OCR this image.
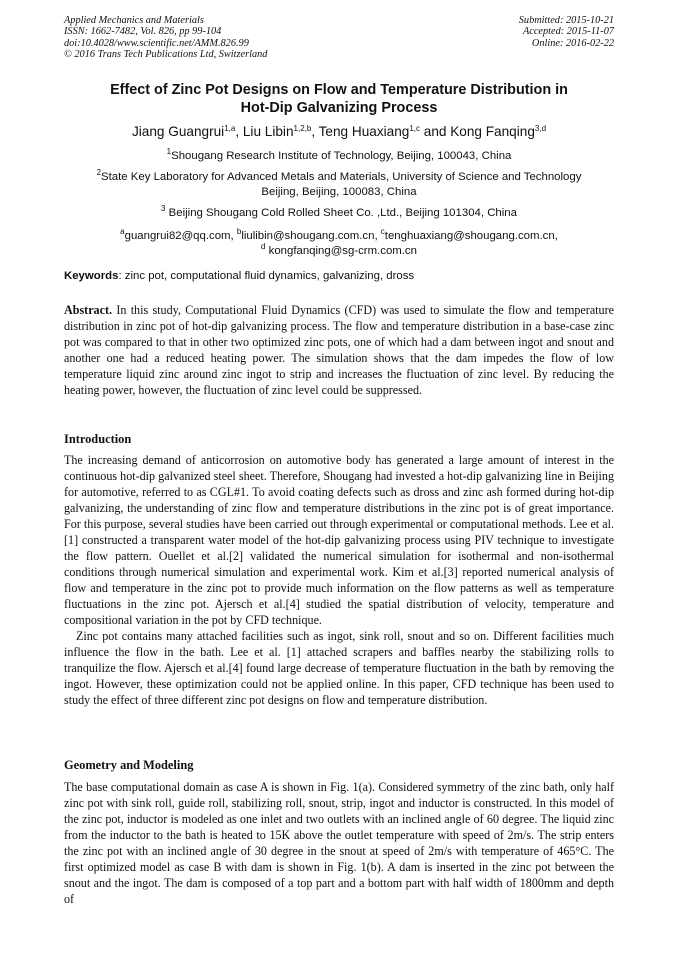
Applied Mechanics and Materials
ISSN: 1662-7482, Vol. 826, pp 99-104
doi:10.4028/www.scientific.net/AMM.826.99
© 2016 Trans Tech Publications Ltd, Switzerland
Submitted: 2015-10-21
Accepted: 2015-11-07
Online: 2016-02-22
Effect of Zinc Pot Designs on Flow and Temperature Distribution in
Hot-Dip Galvanizing Process
Jiang Guangrui$^{1,a}$, Liu Libin$^{1,2,b}$, Teng Huaxiang$^{1,c}$ and Kong Fanqing$^{3,d}$
$^1$Shougang Research Institute of Technology, Beijing, 100043, China
$^2$State Key Laboratory for Advanced Metals and Materials, University of Science and Technology
Beijing, Beijing, 100083, China
$^3$ Beijing Shougang Cold Rolled Sheet Co. ,Ltd., Beijing 101304, China
$^a$guangrui82@qq.com, $^b$liulibin@shougang.com.cn, $^c$tenghuaxiang@shougang.com.cn,
$^d$ kongfanqing@sg-crm.com.cn
Keywords: zinc pot, computational fluid dynamics, galvanizing, dross

Abstract. In this study, Computational Fluid Dynamics (CFD) was used to simulate the flow and temperature distribution in zinc pot of hot-dip galvanizing process. The flow and temperature distribution in a base-case zinc pot was compared to that in other two optimized zinc pots, one of which had a dam between ingot and snout and another one had a reduced heating power. The simulation shows that the dam impedes the flow of low temperature liquid zinc around zinc ingot to strip and increases the fluctuation of zinc level. By reducing the heating power, however, the fluctuation of zinc level could be suppressed.

Introduction

The increasing demand of anticorrosion on automotive body has generated a large amount of interest in the continuous hot-dip galvanized steel sheet. Therefore, Shougang had invested a hot-dip galvanizing line in Beijing for automotive, referred to as CGL#1. To avoid coating defects such as dross and zinc ash formed during hot-dip galvanizing, the understanding of zinc flow and temperature distributions in the zinc pot is of great importance. For this purpose, several studies have been carried out through experimental or computational methods. Lee et al.[1] constructed a transparent water model of the hot-dip galvanizing process using PIV technique to investigate the flow pattern. Ouellet et al.[2] validated the numerical simulation for isothermal and non-isothermal conditions through numerical simulation and experimental work. Kim et al.[3] reported numerical analysis of flow and temperature in the zinc pot to provide much information on the flow patterns as well as temperature fluctuations in the zinc pot. Ajersch et al.[4] studied the spatial distribution of velocity, temperature and compositional variation in the pot by CFD technique.

Zinc pot contains many attached facilities such as ingot, sink roll, snout and so on. Different facilities much influence the flow in the bath. Lee et al. [1] attached scrapers and baffles nearby the stabilizing rolls to tranquilize the flow. Ajersch et al.[4] found large decrease of temperature fluctuation in the bath by removing the ingot. However, these optimization could not be applied online. In this paper, CFD technique has been used to study the effect of three different zinc pot designs on flow and temperature distribution.

Geometry and Modeling

The base computational domain as case A is shown in Fig. 1(a). Considered symmetry of the zinc bath, only half zinc pot with sink roll, guide roll, stabilizing roll, snout, strip, ingot and inductor is constructed. In this model of the zinc pot, inductor is modeled as one inlet and two outlets with an inclined angle of 60 degree. The liquid zinc from the inductor to the bath is heated to 15K above the outlet temperature with speed of 2m/s. The strip enters the zinc pot with an inclined angle of 30 degree in the snout at speed of 2m/s with temperature of 465°C. The first optimized model as case B with dam is shown in Fig. 1(b). A dam is inserted in the zinc pot between the snout and the ingot. The dam is composed of a top part and a bottom part with half width of 1800mm and depth of
